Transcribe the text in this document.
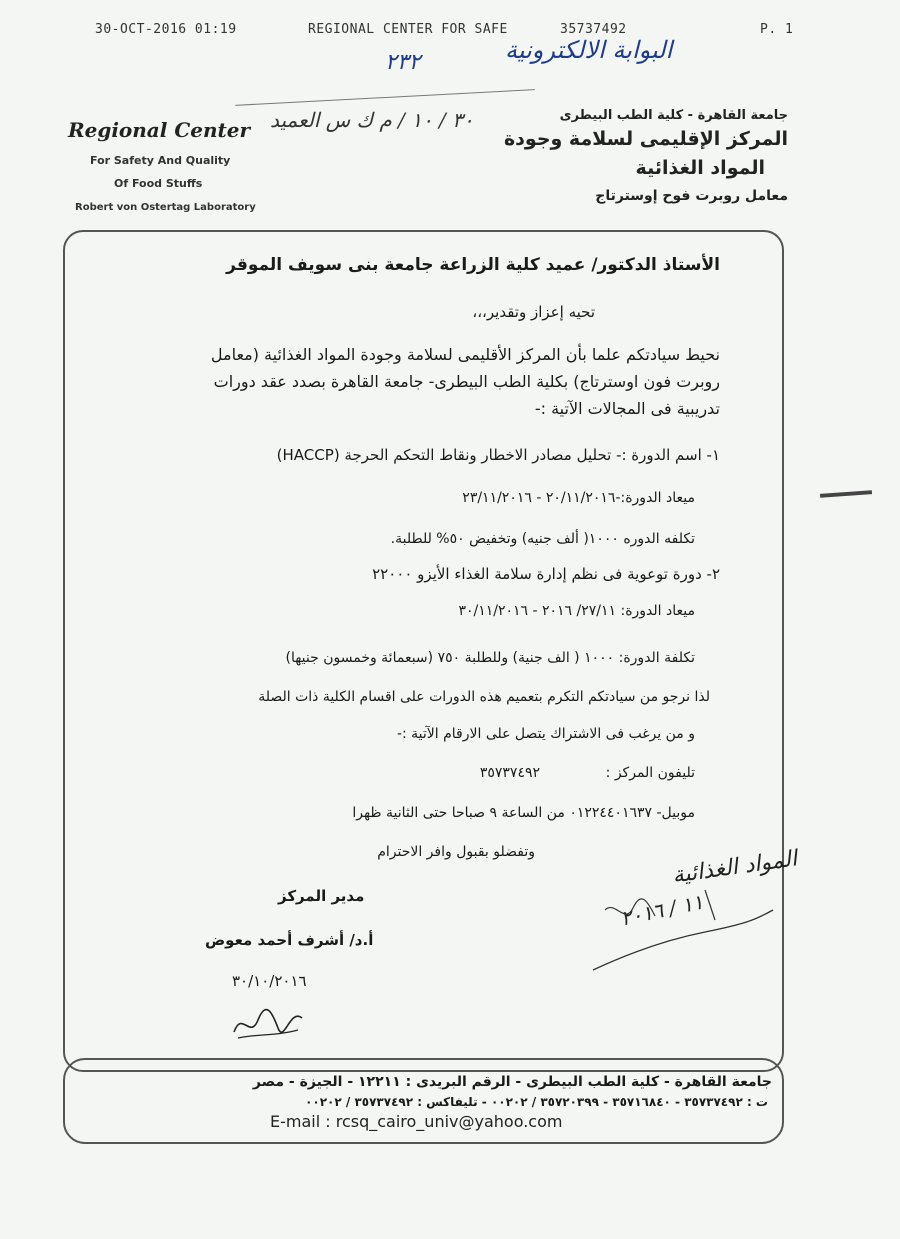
30-OCT-2016 01:19	REGIONAL CENTER FOR SAFE	35737492	P. 1
البوابة الالكترونية
٢٣٢
٣٠ / ١٠ / م ك س العميد
Regional Center
For Safety And Quality
Of Food Stuffs
Robert von Ostertag Laboratory
جامعة القاهرة - كلية الطب البيطرى
المركز الإقليمى لسلامة وجودة
المواد الغذائية
معامل روبرت فوح إوسترتاج
الأستاذ الدكتور/ عميد كلية الزراعة جامعة بنى سويف الموقر
تحيه إعزاز وتقدير،،،
نحيط سيادتكم علما بأن المركز الأقليمى لسلامة وجودة المواد الغذائية (معامل
روبرت فون اوسترتاج) بكلية الطب البيطرى- جامعة القاهرة بصدد عقد دورات
تدريبية فى المجالات الآتية :-
١- اسم الدورة :- تحليل مصادر الاخطار ونقاط التحكم الحرجة (HACCP)
ميعاد الدورة:-٢٠/١١/٢٠١٦ - ٢٣/١١/٢٠١٦
تكلفه الدوره ١٠٠٠( ألف جنيه) وتخفيض ٥٠% للطلبة.
٢- دورة توعوية فى نظم إدارة سلامة الغذاء الأيزو ٢٢٠٠٠
ميعاد الدورة: ٢٧/١١/ ٢٠١٦ - ٣٠/١١/٢٠١٦
تكلفة الدورة: ١٠٠٠ ( الف جنية) وللطلبة ٧٥٠ (سبعمائة وخمسون جنيها)
لذا نرجو من سيادتكم التكرم بتعميم هذه الدورات على اقسام الكلية ذات الصلة
و من يرغب فى الاشتراك يتصل على الارقام الآتية :-
تليفون المركز :
٣٥٧٣٧٤٩٢
موبيل- ٠١٢٢٤٤٠١٦٣٧ من الساعة ٩ صباحا حتى الثانية ظهرا
وتفضلو بقبول وافر الاحترام
مدير المركز
أ.د/ أشرف أحمد معوض
٣٠/١٠/٢٠١٦
المواد الغذائية
١١ / ٢٠١٦
جامعة القاهرة - كلية الطب البيطرى - الرقم البريدى : ١٢٢١١ - الجيزة - مصر
ت : ٣٥٧٣٧٤٩٢ - ٣٥٧١٦٨٤٠ - ٣٥٧٢٠٣٩٩ / ٠٠٢٠٢ - تليفاكس : ٣٥٧٣٧٤٩٢ / ٠٠٢٠٢
E-mail : rcsq_cairo_univ@yahoo.com
